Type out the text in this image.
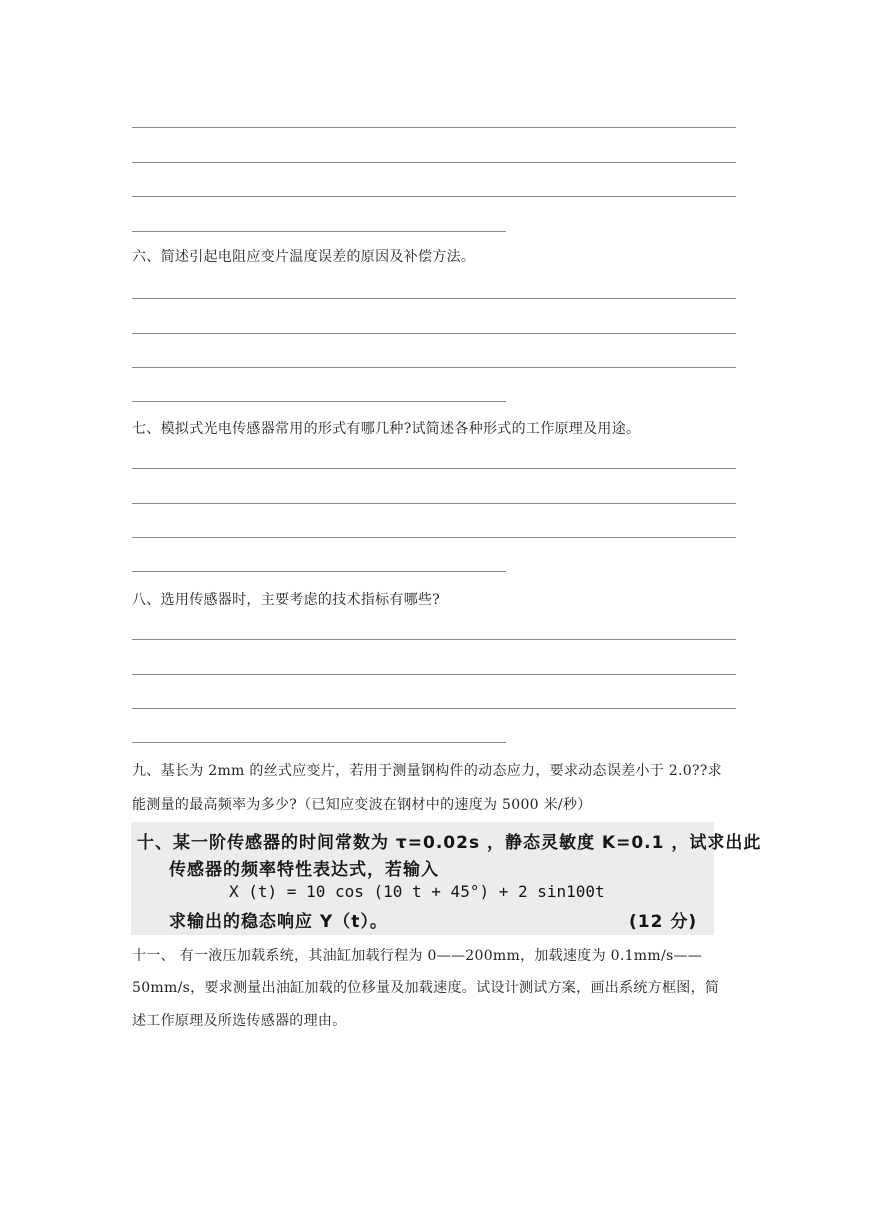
六、简述引起电阻应变片温度误差的原因及补偿方法。
七、模拟式光电传感器常用的形式有哪几种?试简述各种形式的工作原理及用途。
八、选用传感器时，主要考虑的技术指标有哪些?
九、基长为 2mm 的丝式应变片，若用于测量钢构件的动态应力，要求动态误差小于 2.0??求
能测量的最高频率为多少?（已知应变波在钢材中的速度为 5000 米/秒）
十、某一阶传感器的时间常数为 τ=0.02s ，静态灵敏度 K=0.1 ，试求出此
传感器的频率特性表达式，若输入
X (t) = 10 cos (10 t + 45°) + 2 sin100t
求输出的稳态响应 Y（t）。	(12 分)
十一、 有一液压加载系统，其油缸加载行程为 0——200mm，加载速度为 0.1mm/s——
50mm/s，要求测量出油缸加载的位移量及加载速度。试设计测试方案，画出系统方框图，简
述工作原理及所选传感器的理由。
